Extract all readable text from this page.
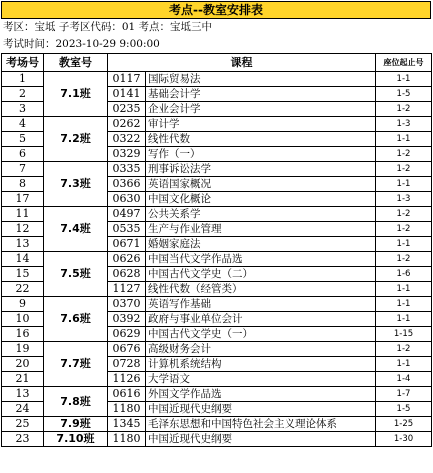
考点--教室安排表
考区：宝坻 子考区代码：01 考点：宝坻三中
考试时间：2023-10-29 9:00:00
考场号	教室号	课程		座位起止号
1	7.1班	0117	国际贸易法	1-1
2		0141	基础会计学	1-5
3		0235	企业会计学	1-2
4	7.2班	0262	审计学	1-3
5		0322	线性代数	1-1
6		0329	写作（一）	1-2
7	7.3班	0335	刑事诉讼法学	1-2
8		0366	英语国家概况	1-1
17		0630	中国文化概论	1-3
11	7.4班	0497	公共关系学	1-2
12		0535	生产与作业管理	1-2
13		0671	婚姻家庭法	1-1
14	7.5班	0626	中国当代文学作品选	1-2
15		0628	中国古代文学史（二）	1-6
22		1127	线性代数（经管类）	1-1
9	7.6班	0370	英语写作基础	1-1
10		0392	政府与事业单位会计	1-1
16		0629	中国古代文学史（一）	1-15
19	7.7班	0676	高级财务会计	1-2
20		0728	计算机系统结构	1-1
21		1126	大学语文	1-4
13	7.8班	0616	外国文学作品选	1-7
24		1180	中国近现代史纲要	1-5
25	7.9班	1345	毛泽东思想和中国特色社会主义理论体系	1-25
23	7.10班	1180	中国近现代史纲要	1-30
